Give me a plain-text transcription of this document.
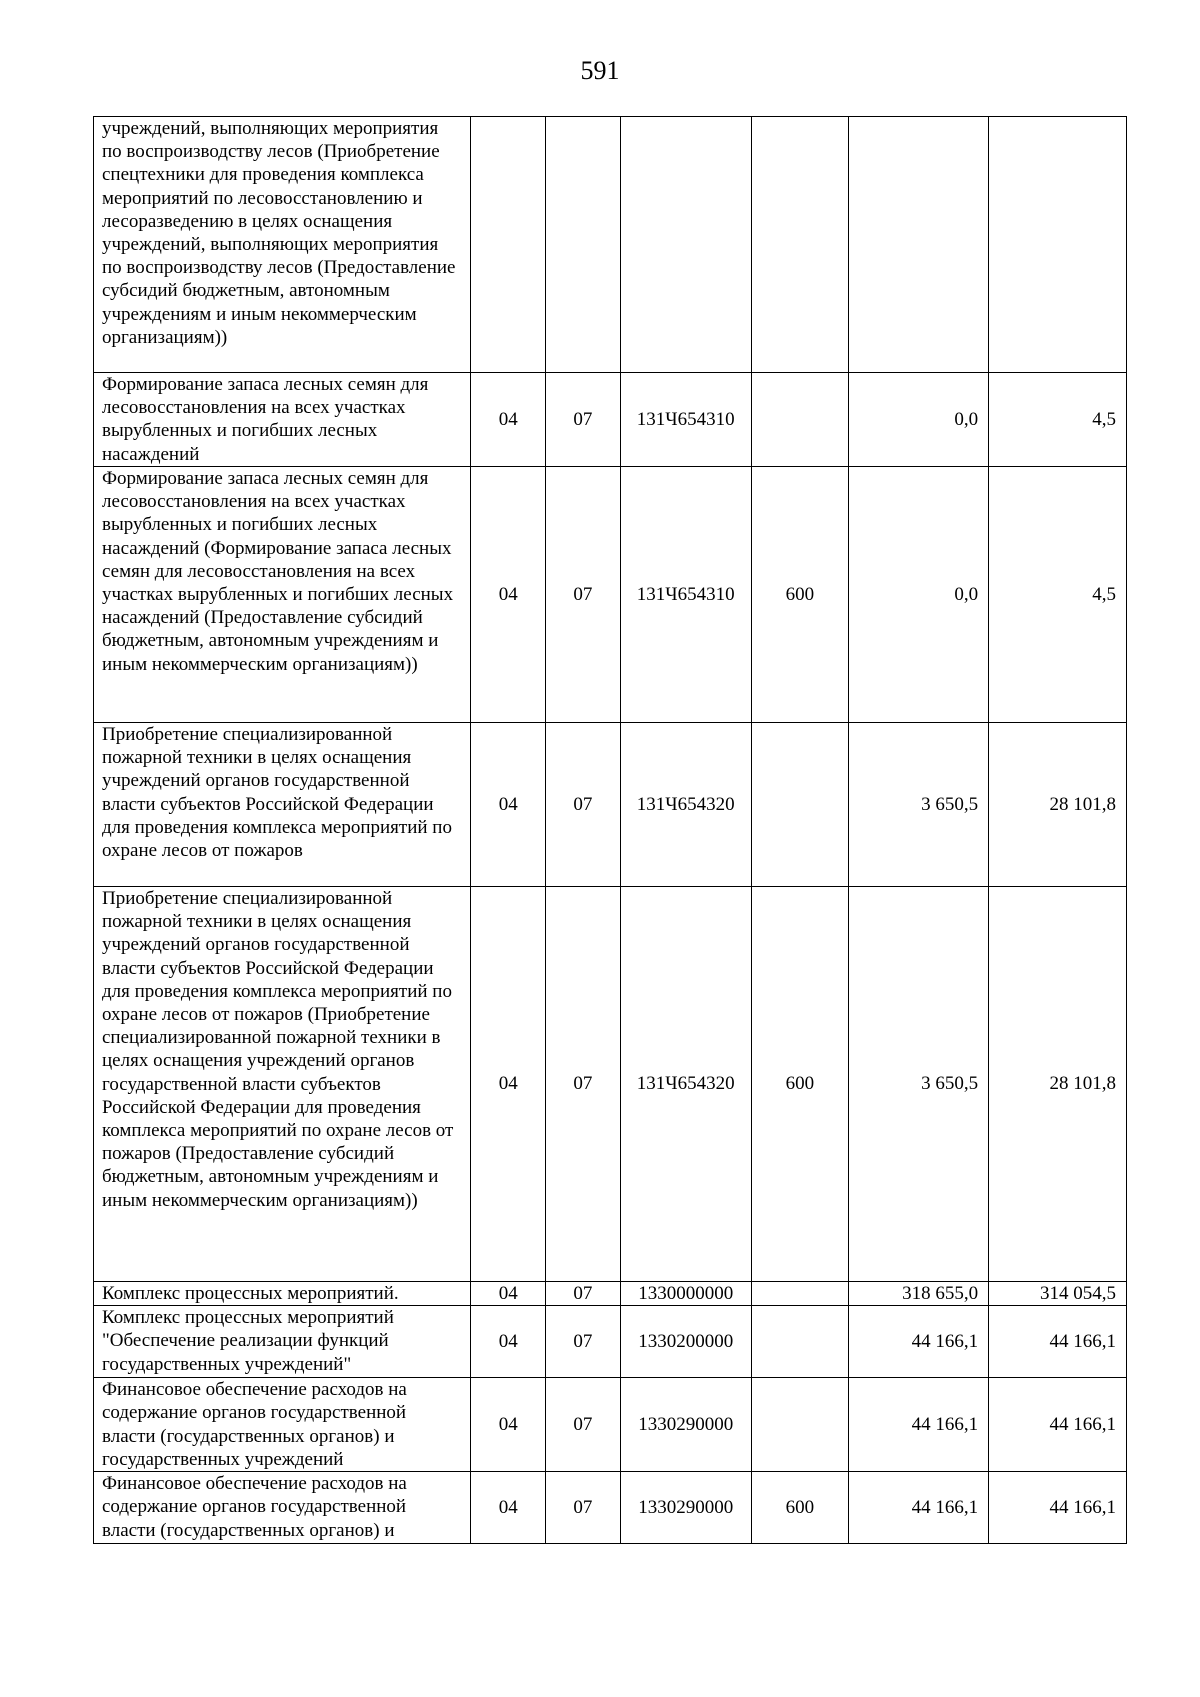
591
учреждений, выполняющих мероприятия по воспроизводству лесов (Приобретение спецтехники для проведения комплекса мероприятий по лесовосстановлению и лесоразведению в целях оснащения учреждений, выполняющих мероприятия по воспроизводству лесов (Предоставление субсидий бюджетным, автономным учреждениям и иным некоммерческим организациям))						
Формирование запаса лесных семян для лесовосстановления на всех участках вырубленных и погибших лесных насаждений	04	07	131Ч654310		0,0	4,5
Формирование запаса лесных семян для лесовосстановления на всех участках вырубленных и погибших лесных насаждений (Формирование запаса лесных семян для лесовосстановления на всех участках вырубленных и погибших лесных насаждений (Предоставление субсидий бюджетным, автономным учреждениям и иным некоммерческим организациям))	04	07	131Ч654310	600	0,0	4,5
Приобретение специализированной пожарной техники в целях оснащения учреждений органов государственной власти субъектов Российской Федерации для проведения комплекса мероприятий по охране лесов от пожаров	04	07	131Ч654320		3 650,5	28 101,8
Приобретение специализированной пожарной техники в целях оснащения учреждений органов государственной власти субъектов Российской Федерации для проведения комплекса мероприятий по охране лесов от пожаров (Приобретение специализированной пожарной техники в целях оснащения учреждений органов государственной власти субъектов Российской Федерации для проведения комплекса мероприятий по охране лесов от пожаров (Предоставление субсидий бюджетным, автономным учреждениям и иным некоммерческим организациям))	04	07	131Ч654320	600	3 650,5	28 101,8
Комплекс процессных мероприятий.	04	07	1330000000		318 655,0	314 054,5
Комплекс процессных мероприятий "Обеспечение реализации функций государственных учреждений"	04	07	1330200000		44 166,1	44 166,1
Финансовое обеспечение расходов на содержание органов государственной власти (государственных органов) и государственных учреждений	04	07	1330290000		44 166,1	44 166,1
Финансовое обеспечение расходов на содержание органов государственной власти (государственных органов) и	04	07	1330290000	600	44 166,1	44 166,1
